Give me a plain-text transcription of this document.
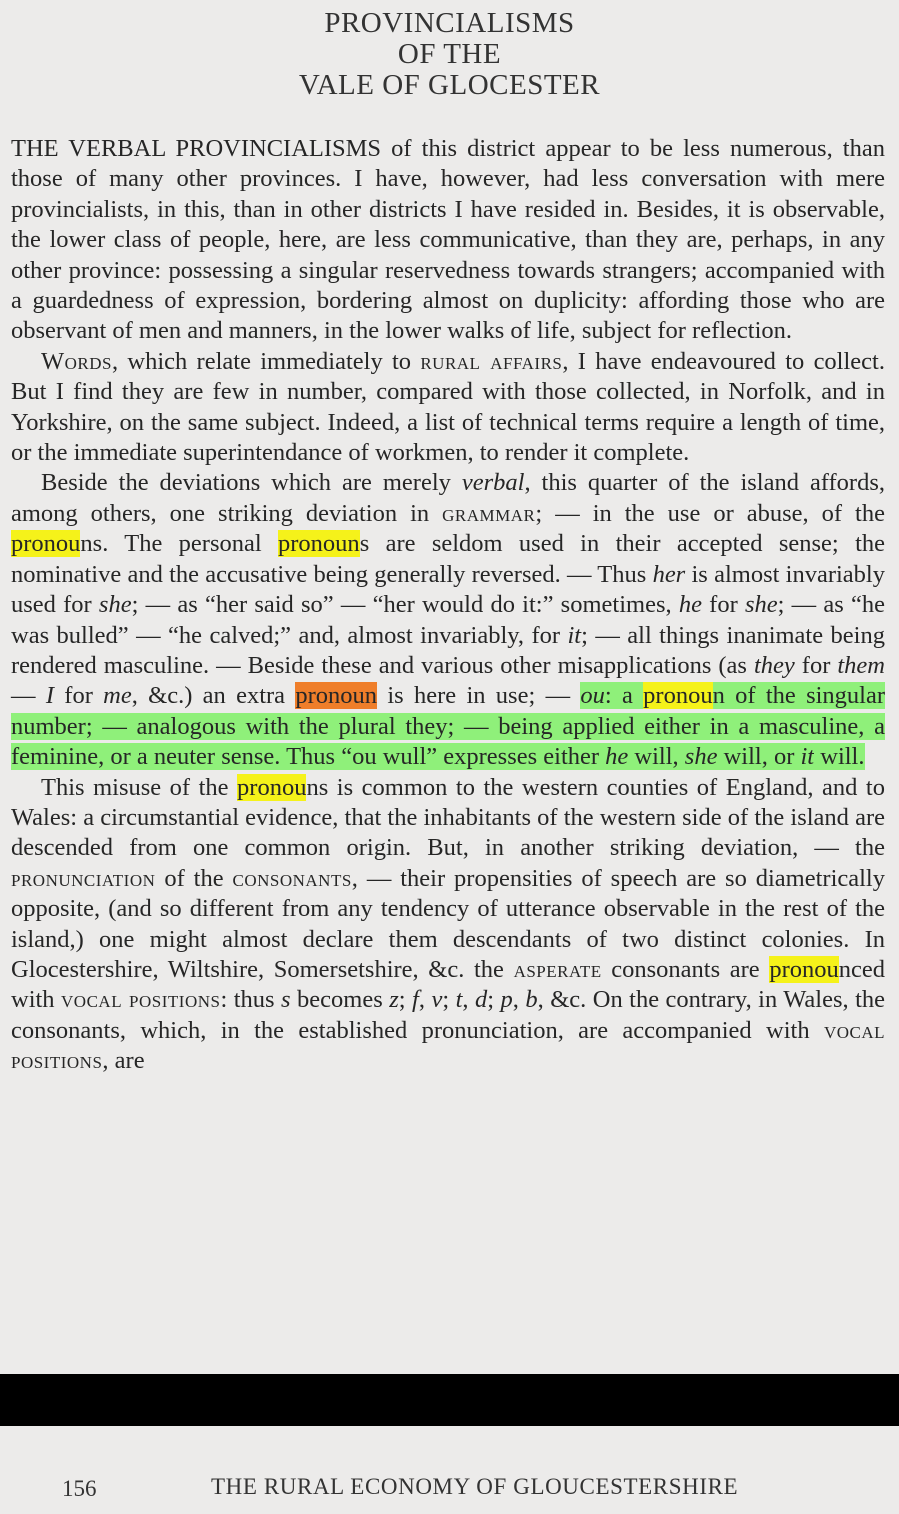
PROVINCIALISMS
OF THE
VALE OF GLOCESTER

THE VERBAL PROVINCIALISMS of this district appear to be less numerous, than those of many other provinces. I have, however, had less conversation with mere provincialists, in this, than in other districts I have resided in. Besides, it is observable, the lower class of people, here, are less communicative, than they are, perhaps, in any other province: possessing a singular reservedness towards strangers; accompanied with a guardedness of expression, bordering almost on duplicity: affording those who are observant of men and manners, in the lower walks of life, subject for reflection.

Words, which relate immediately to rural affairs, I have endeavoured to collect. But I find they are few in number, compared with those collected, in Norfolk, and in Yorkshire, on the same subject. Indeed, a list of technical terms require a length of time, or the immediate superintendance of workmen, to render it complete.

Beside the deviations which are merely verbal, this quarter of the island affords, among others, one striking deviation in grammar; — in the use or abuse, of the pronouns. The personal pronouns are seldom used in their accepted sense; the nominative and the accusative being generally reversed. — Thus her is almost invariably used for she; — as “her said so” — “her would do it:” sometimes, he for she; — as “he was bulled” — “he calved;” and, almost invariably, for it; — all things inanimate being rendered masculine. — Beside these and various other misapplications (as they for them — I for me, &c.) an extra pronoun is here in use; — ou: a pronoun of the singular number; — analogous with the plural they; — being applied either in a masculine, a feminine, or a neuter sense. Thus “ou wull” expresses either he will, she will, or it will.

This misuse of the pronouns is common to the western counties of England, and to Wales: a circumstantial evidence, that the inhabitants of the western side of the island are descended from one common origin. But, in another striking deviation, — the pronunciation of the consonants, — their propensities of speech are so diametrically opposite, (and so different from any tendency of utterance observable in the rest of the island,) one might almost declare them descendants of two distinct colonies. In Glocestershire, Wiltshire, Somersetshire, &c. the asperate consonants are pronounced with vocal positions: thus s becomes z; f, v; t, d; p, b, &c. On the contrary, in Wales, the consonants, which, in the established pronunciation, are accompanied with vocal positions, are

156	THE RURAL ECONOMY OF GLOUCESTERSHIRE
